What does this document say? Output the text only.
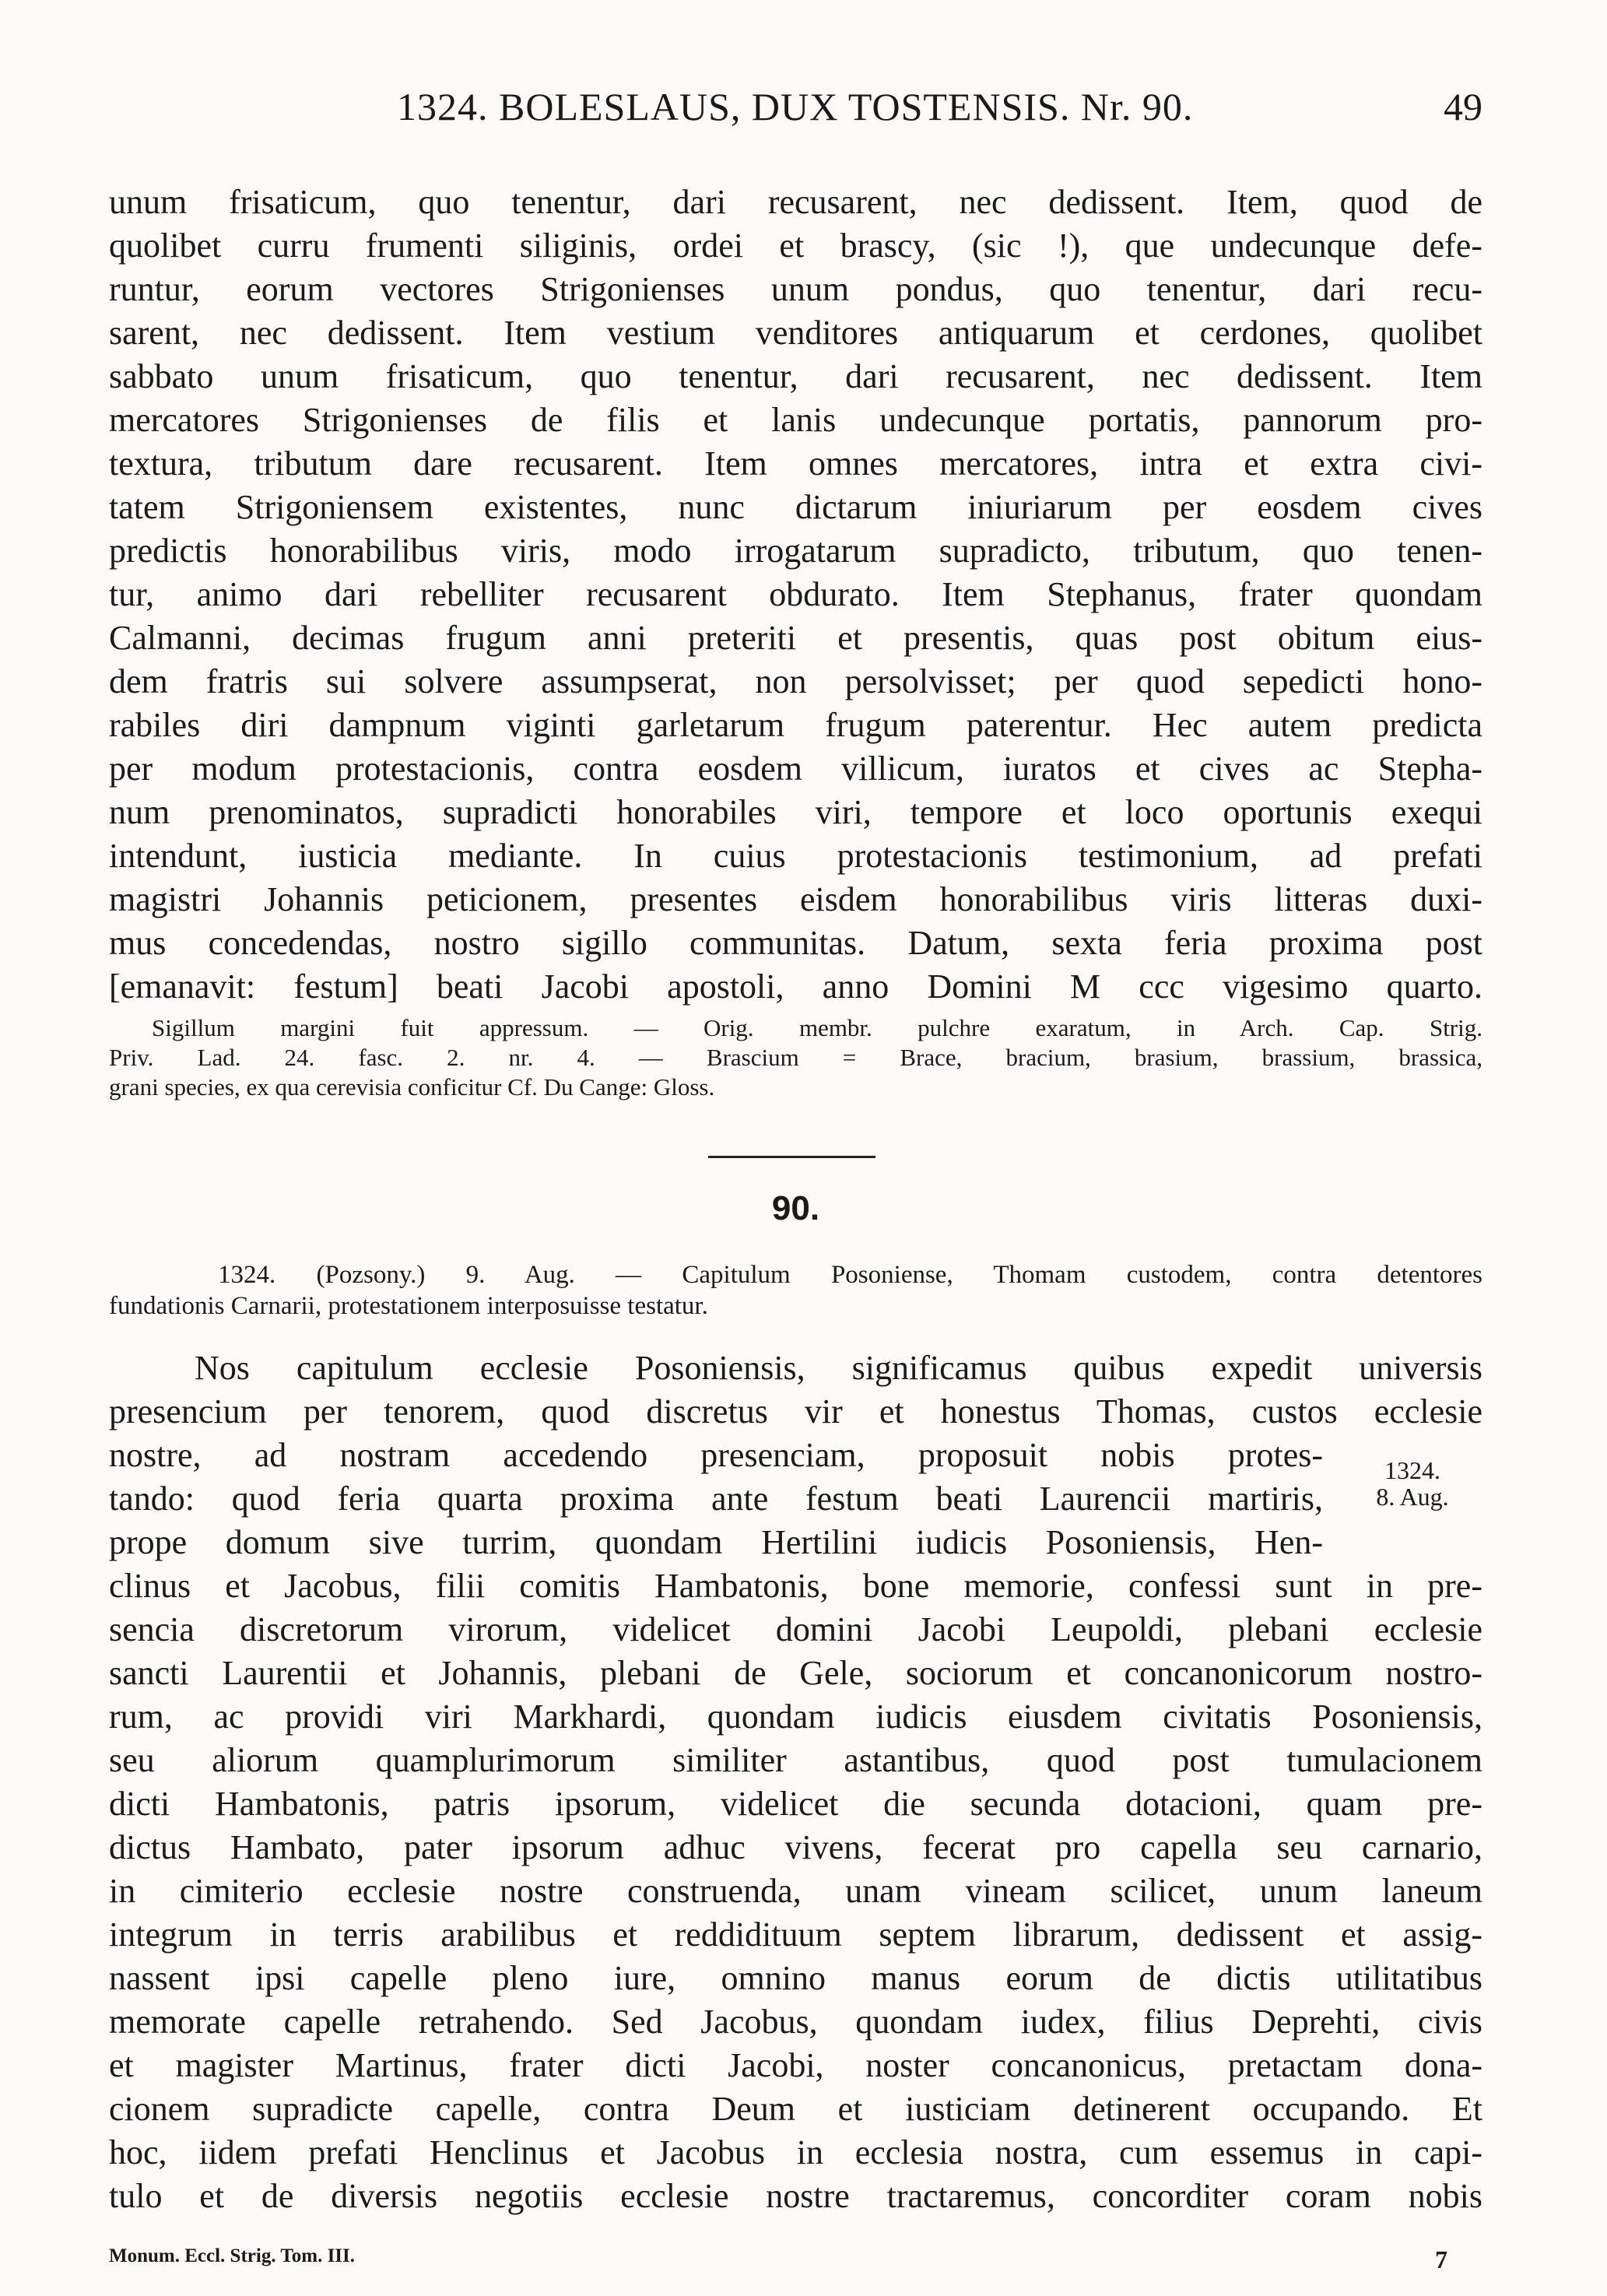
1324. BOLESLAUS, DUX TOSTENSIS. Nr. 90.	49
unum frisaticum, quo tenentur, dari recusarent, nec dedissent. Item, quod de
quolibet curru frumenti siliginis, ordei et brascy, (sic !), que undecunque defe-
runtur, eorum vectores Strigonienses unum pondus, quo tenentur, dari recu-
sarent, nec dedissent. Item vestium venditores antiquarum et cerdones, quolibet
sabbato unum frisaticum, quo tenentur, dari recusarent, nec dedissent. Item
mercatores Strigonienses de filis et lanis undecunque portatis, pannorum pro-
textura, tributum dare recusarent. Item omnes mercatores, intra et extra civi-
tatem Strigoniensem existentes, nunc dictarum iniuriarum per eosdem cives
predictis honorabilibus viris, modo irrogatarum supradicto, tributum, quo tenen-
tur, animo dari rebelliter recusarent obdurato. Item Stephanus, frater quondam
Calmanni, decimas frugum anni preteriti et presentis, quas post obitum eius-
dem fratris sui solvere assumpserat, non persolvisset; per quod sepedicti hono-
rabiles diri dampnum viginti garletarum frugum paterentur. Hec autem predicta
per modum protestacionis, contra eosdem villicum, iuratos et cives ac Stepha-
num prenominatos, supradicti honorabiles viri, tempore et loco oportunis exequi
intendunt, iusticia mediante. In cuius protestacionis testimonium, ad prefati
magistri Johannis peticionem, presentes eisdem honorabilibus viris litteras duxi-
mus concedendas, nostro sigillo communitas. Datum, sexta feria proxima post
[emanavit: festum] beati Jacobi apostoli, anno Domini M ccc vigesimo quarto.
Sigillum margini fuit appressum. — Orig. membr. pulchre exaratum, in Arch. Cap. Strig.
Priv. Lad. 24. fasc. 2. nr. 4. — Brascium = Brace, bracium, brasium, brassium, brassica,
grani species, ex qua cerevisia conficitur Cf. Du Cange: Gloss.
90.
1324. (Pozsony.) 9. Aug. — Capitulum Posoniense, Thomam custodem, contra detentores
fundationis Carnarii, protestationem interposuisse testatur.
Nos capitulum ecclesie Posoniensis, significamus quibus expedit universis
presencium per tenorem, quod discretus vir et honestus Thomas, custos ecclesie
nostre, ad nostram accedendo presenciam, proposuit nobis protes-
tando: quod feria quarta proxima ante festum beati Laurencii martiris,
prope domum sive turrim, quondam Hertilini iudicis Posoniensis, Hen-
clinus et Jacobus, filii comitis Hambatonis, bone memorie, confessi sunt in pre-
sencia discretorum virorum, videlicet domini Jacobi Leupoldi, plebani ecclesie
sancti Laurentii et Johannis, plebani de Gele, sociorum et concanonicorum nostro-
rum, ac providi viri Markhardi, quondam iudicis eiusdem civitatis Posoniensis,
seu aliorum quamplurimorum similiter astantibus, quod post tumulacionem
dicti Hambatonis, patris ipsorum, videlicet die secunda dotacioni, quam pre-
dictus Hambato, pater ipsorum adhuc vivens, fecerat pro capella seu carnario,
in cimiterio ecclesie nostre construenda, unam vineam scilicet, unum laneum
integrum in terris arabilibus et reddidituum septem librarum, dedissent et assig-
nassent ipsi capelle pleno iure, omnino manus eorum de dictis utilitatibus
memorate capelle retrahendo. Sed Jacobus, quondam iudex, filius Deprehti, civis
et magister Martinus, frater dicti Jacobi, noster concanonicus, pretactam dona-
cionem supradicte capelle, contra Deum et iusticiam detinerent occupando. Et
hoc, iidem prefati Henclinus et Jacobus in ecclesia nostra, cum essemus in capi-
tulo et de diversis negotiis ecclesie nostre tractaremus, concorditer coram nobis
1324.
8. Aug.
Monum. Eccl. Strig. Tom. III.	7
